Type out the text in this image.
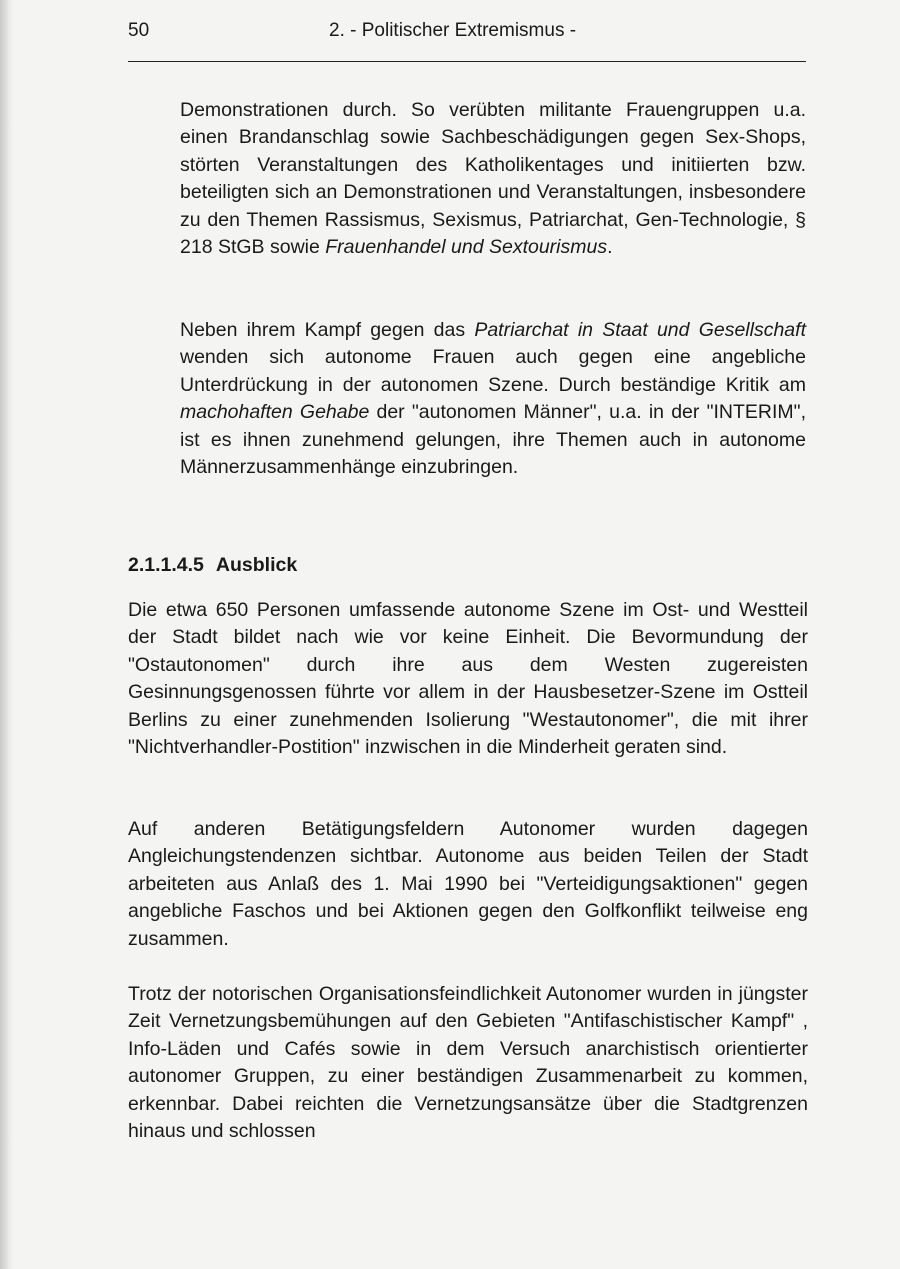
50	2. - Politischer Extremismus -

Demonstrationen durch. So verübten militante Frauengruppen u.a. einen Brandanschlag sowie Sachbeschädigungen gegen Sex-Shops, störten Veranstaltungen des Katholikentages und initiierten bzw. beteiligten sich an Demonstrationen und Veranstaltungen, insbesondere zu den Themen Rassismus, Sexismus, Patriarchat, Gen-Technologie, § 218 StGB sowie Frauenhandel und Sextourismus.

Neben ihrem Kampf gegen das Patriarchat in Staat und Gesellschaft wenden sich autonome Frauen auch gegen eine angebliche Unterdrückung in der autonomen Szene. Durch beständige Kritik am machohaften Gehabe der "autonomen Männer", u.a. in der "INTERIM", ist es ihnen zunehmend gelungen, ihre Themen auch in autonome Männerzusammenhänge einzubringen.

2.1.1.4.5 Ausblick

Die etwa 650 Personen umfassende autonome Szene im Ost- und Westteil der Stadt bildet nach wie vor keine Einheit. Die Bevormundung der "Ostautonomen" durch ihre aus dem Westen zugereisten Gesinnungsgenossen führte vor allem in der Hausbesetzer-Szene im Ostteil Berlins zu einer zunehmenden Isolierung "Westautonomer", die mit ihrer "Nichtverhandler-Postition" inzwischen in die Minderheit geraten sind.

Auf anderen Betätigungsfeldern Autonomer wurden dagegen Angleichungstendenzen sichtbar. Autonome aus beiden Teilen der Stadt arbeiteten aus Anlaß des 1. Mai 1990 bei "Verteidigungsaktionen" gegen angebliche Faschos und bei Aktionen gegen den Golfkonflikt teilweise eng zusammen.

Trotz der notorischen Organisationsfeindlichkeit Autonomer wurden in jüngster Zeit Vernetzungsbemühungen auf den Gebieten "Antifaschistischer Kampf" , Info-Läden und Cafés sowie in dem Versuch anarchistisch orientierter autonomer Gruppen, zu einer beständigen Zusammenarbeit zu kommen, erkennbar. Dabei reichten die Vernetzungsansätze über die Stadtgrenzen hinaus und schlossen
